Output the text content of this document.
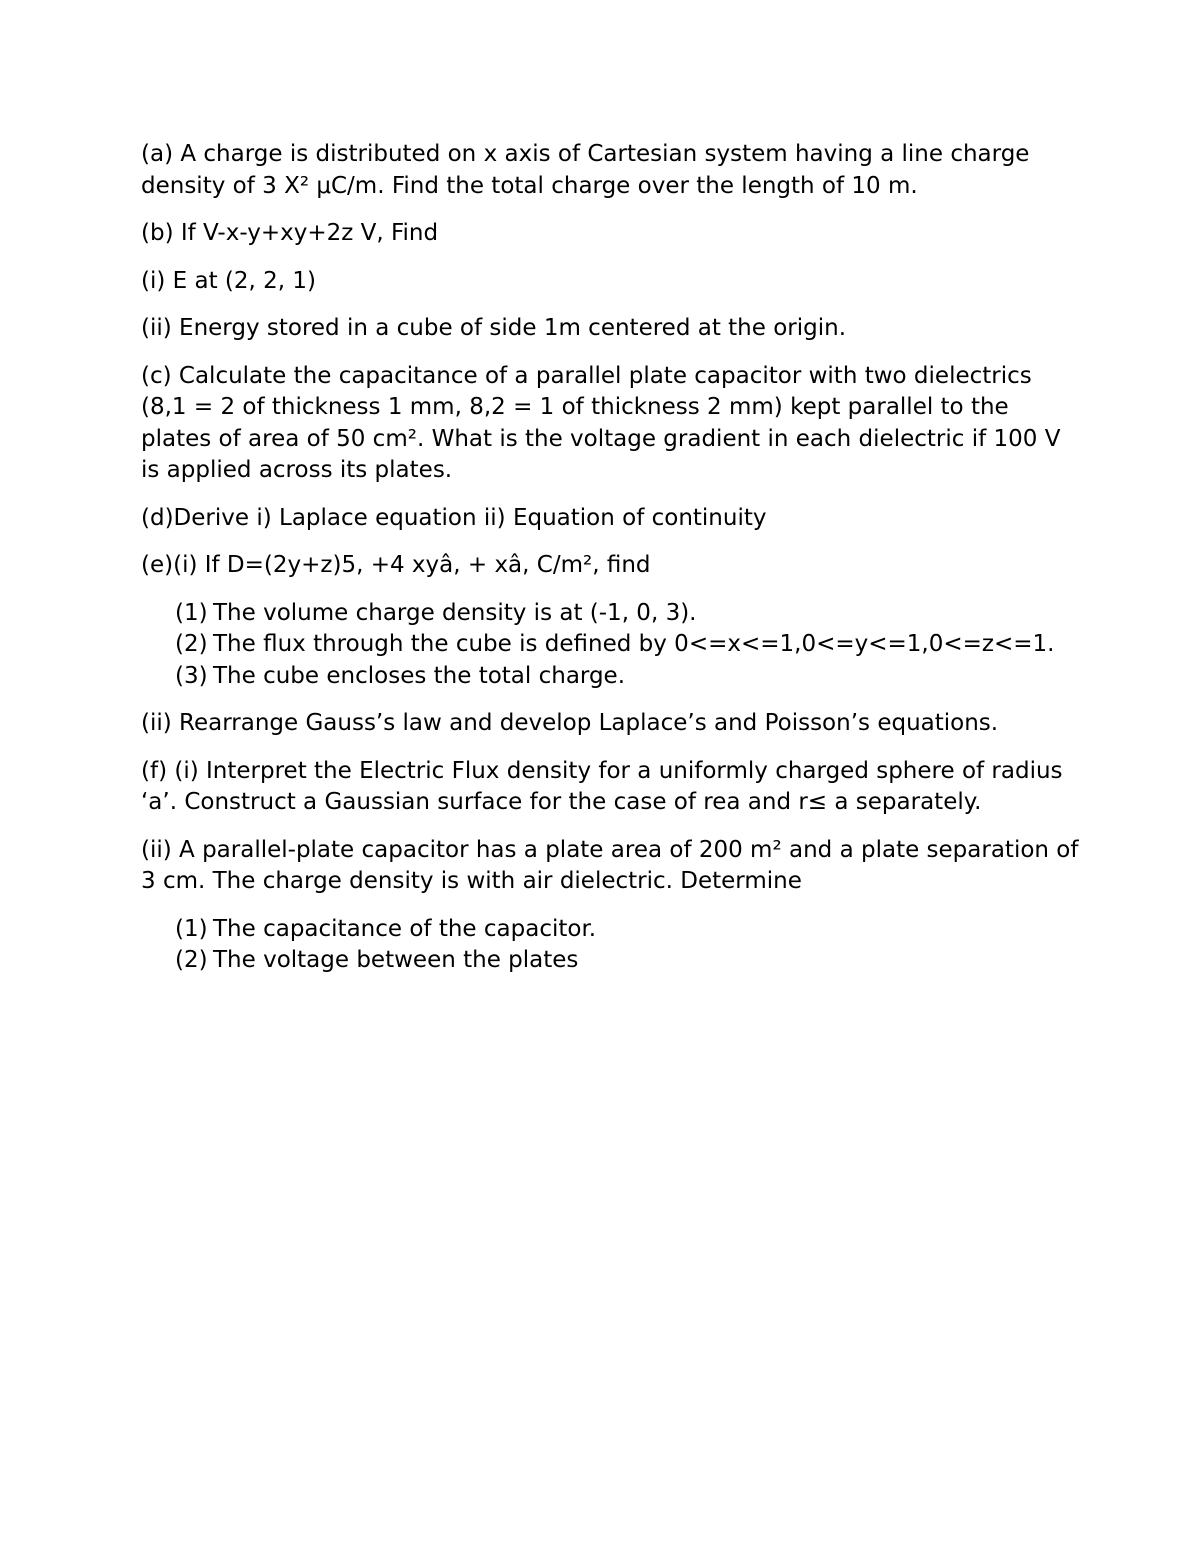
(a) A charge is distributed on x axis of Cartesian system having a line charge density of 3 X² μC/m. Find the total charge over the length of 10 m.

(b) If V-x-y+xy+2z V, Find

(i) E at (2, 2, 1)

(ii) Energy stored in a cube of side 1m centered at the origin.

(c) Calculate the capacitance of a parallel plate capacitor with two dielectrics (8,1 = 2 of thickness 1 mm, 8,2 = 1 of thickness 2 mm) kept parallel to the plates of area of 50 cm². What is the voltage gradient in each dielectric if 100 V is applied across its plates.

(d)Derive i) Laplace equation ii) Equation of continuity

(e)(i) If D=(2y+z)5, +4 xyâ, + xâ, C/m², find

(1) The volume charge density is at (-1, 0, 3).
(2) The flux through the cube is defined by 0<=x<=1,0<=y<=1,0<=z<=1.
(3) The cube encloses the total charge.

(ii) Rearrange Gauss’s law and develop Laplace’s and Poisson’s equations.

(f) (i) Interpret the Electric Flux density for a uniformly charged sphere of radius ‘a’. Construct a Gaussian surface for the case of rea and r≤ a separately.

(ii) A parallel-plate capacitor has a plate area of 200 m² and a plate separation of 3 cm. The charge density is with air dielectric. Determine

(1) The capacitance of the capacitor.
(2) The voltage between the plates
